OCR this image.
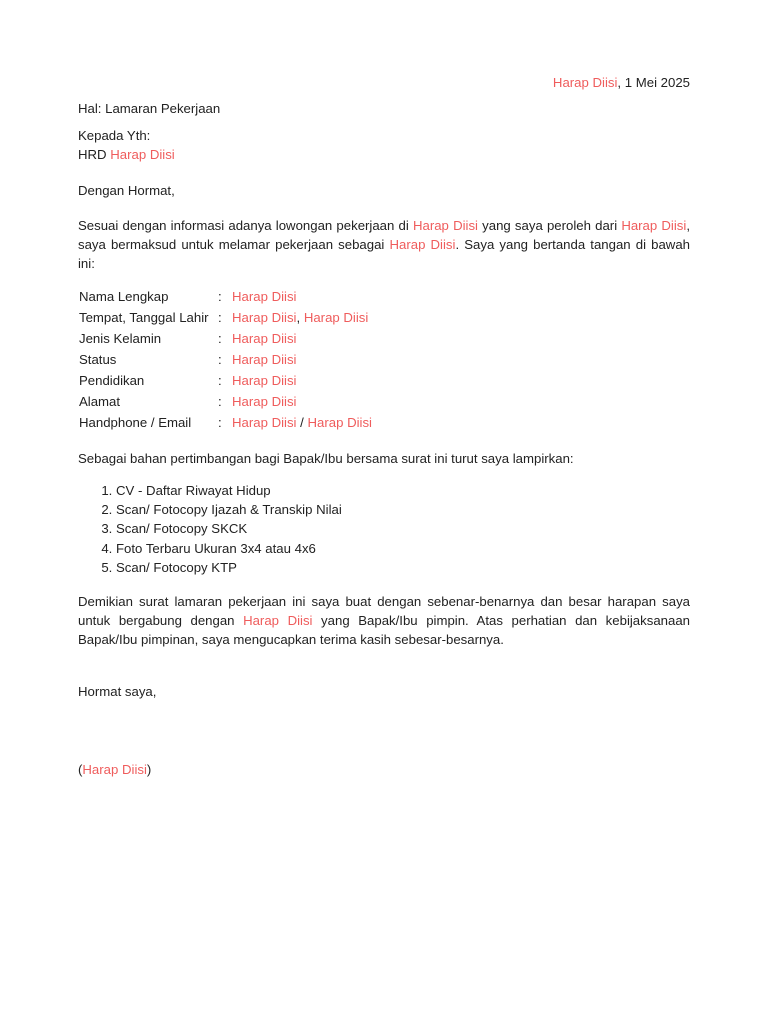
Harap Diisi, 1 Mei 2025
Hal: Lamaran Pekerjaan
Kepada Yth:
HRD Harap Diisi
Dengan Hormat,

Sesuai dengan informasi adanya lowongan pekerjaan di Harap Diisi yang saya peroleh dari Harap Diisi, saya bermaksud untuk melamar pekerjaan sebagai Harap Diisi. Saya yang bertanda tangan di bawah ini:

Nama Lengkap	:	Harap Diisi
Tempat, Tanggal Lahir	:	Harap Diisi, Harap Diisi
Jenis Kelamin	:	Harap Diisi
Status	:	Harap Diisi
Pendidikan	:	Harap Diisi
Alamat	:	Harap Diisi
Handphone / Email	:	Harap Diisi / Harap Diisi
Sebagai bahan pertimbangan bagi Bapak/Ibu bersama surat ini turut saya lampirkan:
1. CV - Daftar Riwayat Hidup
2. Scan/ Fotocopy Ijazah & Transkip Nilai
3. Scan/ Fotocopy SKCK
4. Foto Terbaru Ukuran 3x4 atau 4x6
5. Scan/ Fotocopy KTP

Demikian surat lamaran pekerjaan ini saya buat dengan sebenar-benarnya dan besar harapan saya untuk bergabung dengan Harap Diisi yang Bapak/Ibu pimpin. Atas perhatian dan kebijaksanaan Bapak/Ibu pimpinan, saya mengucapkan terima kasih sebesar-besarnya.

Hormat saya,
(Harap Diisi)
